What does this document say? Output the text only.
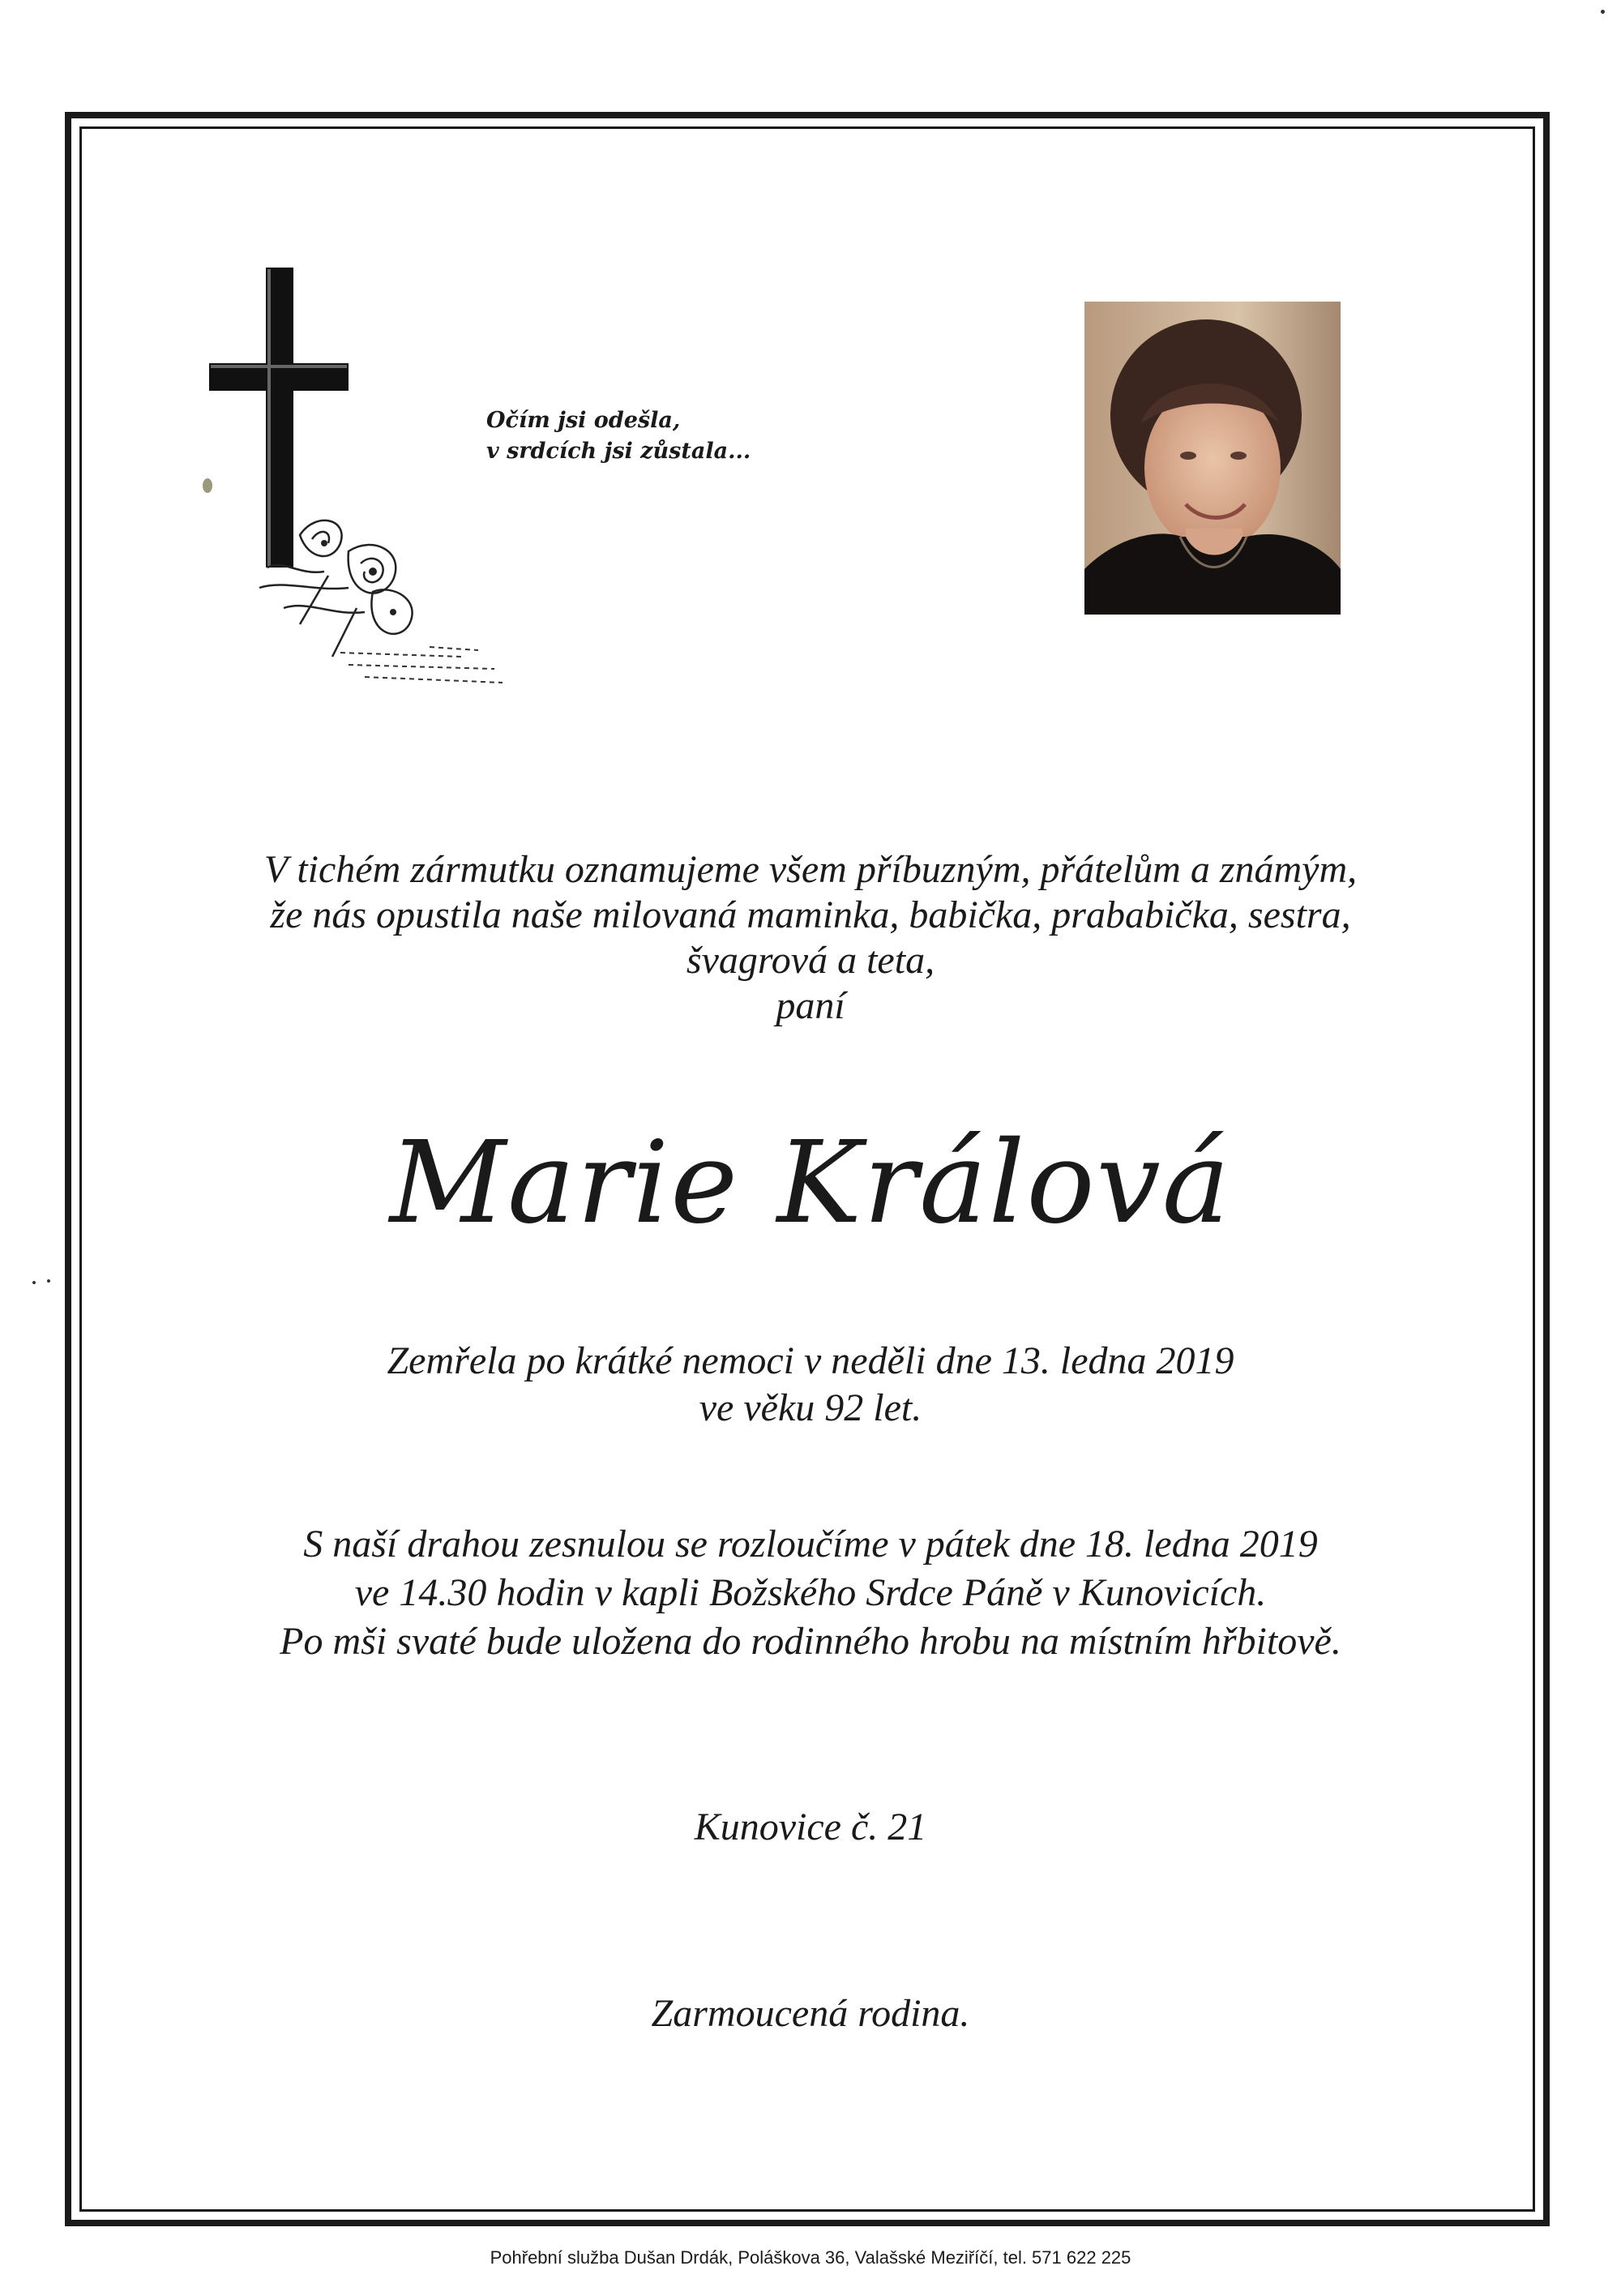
Očím jsi odešla,
v srdcích jsi zůstala...
V tichém zármutku oznamujeme všem příbuzným, přátelům a známým,
že nás opustila naše milovaná maminka, babička, prababička, sestra,
švagrová a teta,
paní
Marie Králová
Zemřela po krátké nemoci v neděli dne 13. ledna 2019
ve věku 92 let.
S naší drahou zesnulou se rozloučíme v pátek dne 18. ledna 2019
ve 14.30 hodin v kapli Božského Srdce Páně v Kunovicích.
Po mši svaté bude uložena do rodinného hrobu na místním hřbitově.
Kunovice č. 21
Zarmoucená rodina.
Pohřební služba Dušan Drdák, Poláškova 36, Valašské Meziříčí, tel. 571 622 225
